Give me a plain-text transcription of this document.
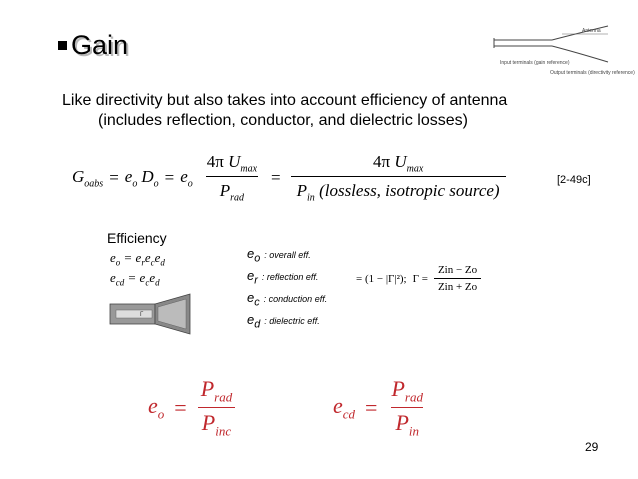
Gain	Antenna
Input terminals (gain reference)
Output terminals (directivity reference)
Like directivity but also takes into account efficiency of antenna
(includes reflection, conductor, and dielectric losses)
$G_{oabs} = e_o$ $D_o = e_o \frac{4\pi U_{max}}{P_{rad}} = \frac{4\pi U_{max}}{P_{in} (lossless, isotropic source)}$	[2-49c]
Efficiency
$e_o = e_re_ce_d$
$e_{cd} = e_ce_d$
Γ
$e_o$ : overall eff.
$e_r$ : reflection eff.
$e_c$ : conduction eff.
$e_d$ : dielectric eff.
= (1 − |Γ|²); $\Gamma = \frac{\text{Zin − Zo}}{\text{Zin + Zo}}$
$e_o = \frac{P_{rad}}{P_{inc}}$	$e_{cd} = \frac{P_{rad}}{P_{in}}$
29
